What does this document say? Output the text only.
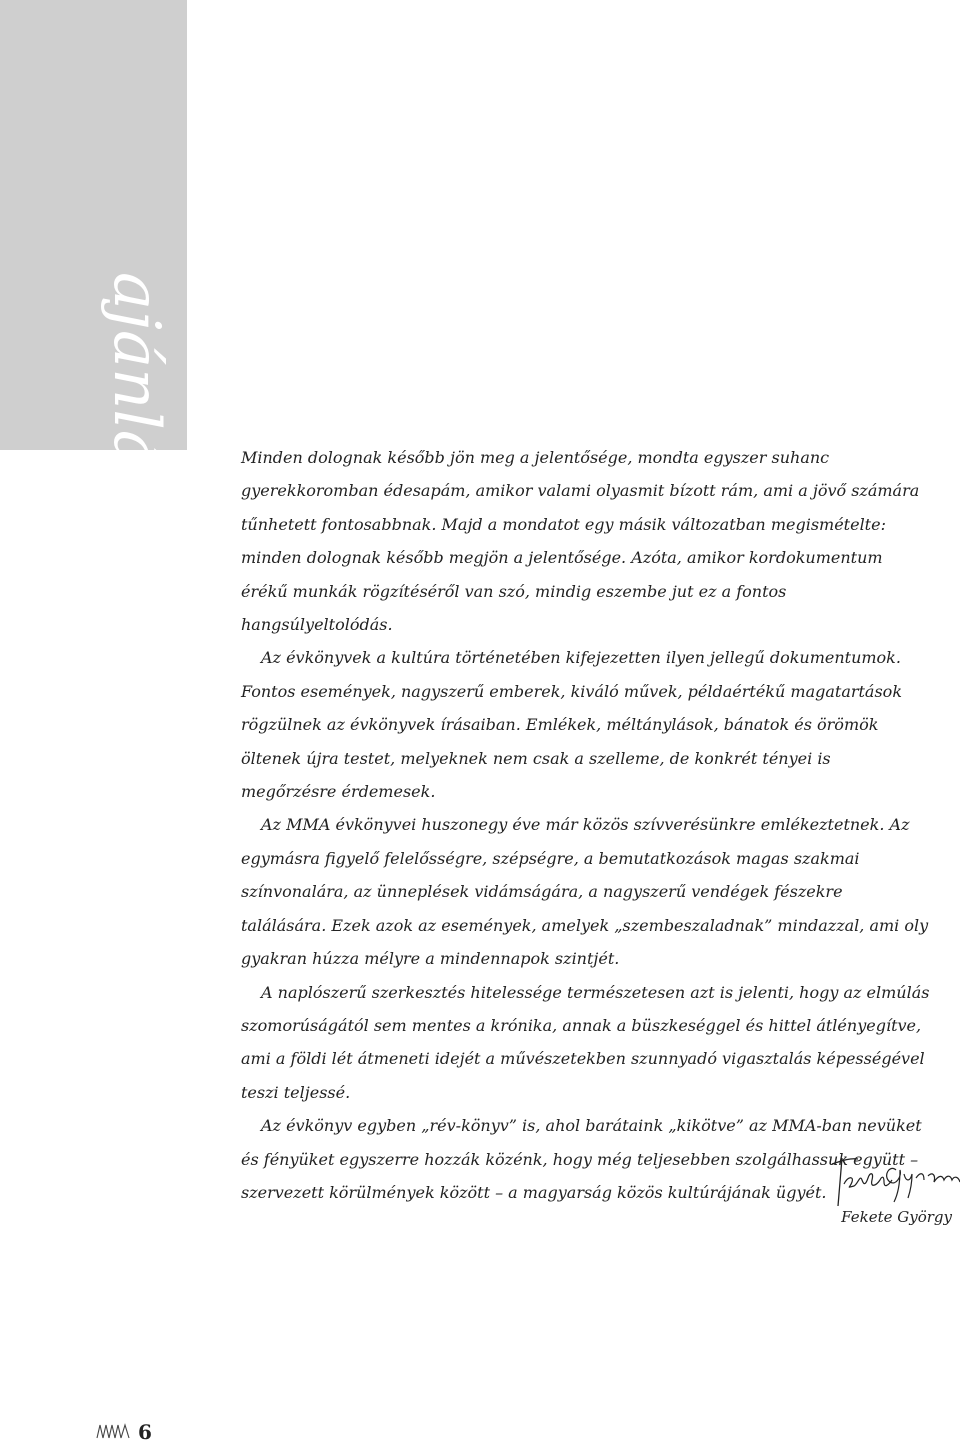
ajánlás	Minden dolognak később jön meg a jelentősége, mondta egyszer suhanc gyerekkoromban édesapám, amikor valami olyasmit bízott rám, ami a jövő számára tűnhetett fontosabbnak. Majd a mondatot egy másik változatban megismételte: minden dolognak később megjön a jelentősége. Azóta, amikor kordokumentum érékű munkák rögzítéséről van szó, mindig eszembe jut ez a fontos hangsúlyeltolódás.

Az évkönyvek a kultúra történetében kifejezetten ilyen jellegű dokumentumok. Fontos események, nagyszerű emberek, kiváló művek, példaértékű magatartások rögzülnek az évkönyvek írásaiban. Emlékek, méltánylások, bánatok és örömök öltenek újra testet, melyeknek nem csak a szelleme, de konkrét tényei is megőrzésre érdemesek.

Az MMA évkönyvei huszonegy éve már közös szívverésünkre emlékeztetnek. Az egymásra figyelő felelősségre, szépségre, a bemutatkozások magas szakmai színvonalára, az ünneplések vidámságára, a nagyszerű vendégek fészekre találására. Ezek azok az események, amelyek „szembeszaladnak” mindazzal, ami oly gyakran húzza mélyre a mindennapok szintjét.

A naplószerű szerkesztés hitelessége természetesen azt is jelenti, hogy az elmúlás szomorúságától sem mentes a krónika, annak a büszkeséggel és hittel átlényegítve, ami a földi lét átmeneti idejét a művészetekben szunnyadó vigasztalás képességével teszi teljessé.

Az évkönyv egyben „rév-könyv” is, ahol barátaink „kikötve” az MMA-ban nevüket és fényüket egyszerre hozzák közénk, hogy még teljesebben szolgálhassuk együtt – szervezett körülmények között – a magyarság közös kultúrájának ügyét.

Fekete György
6
